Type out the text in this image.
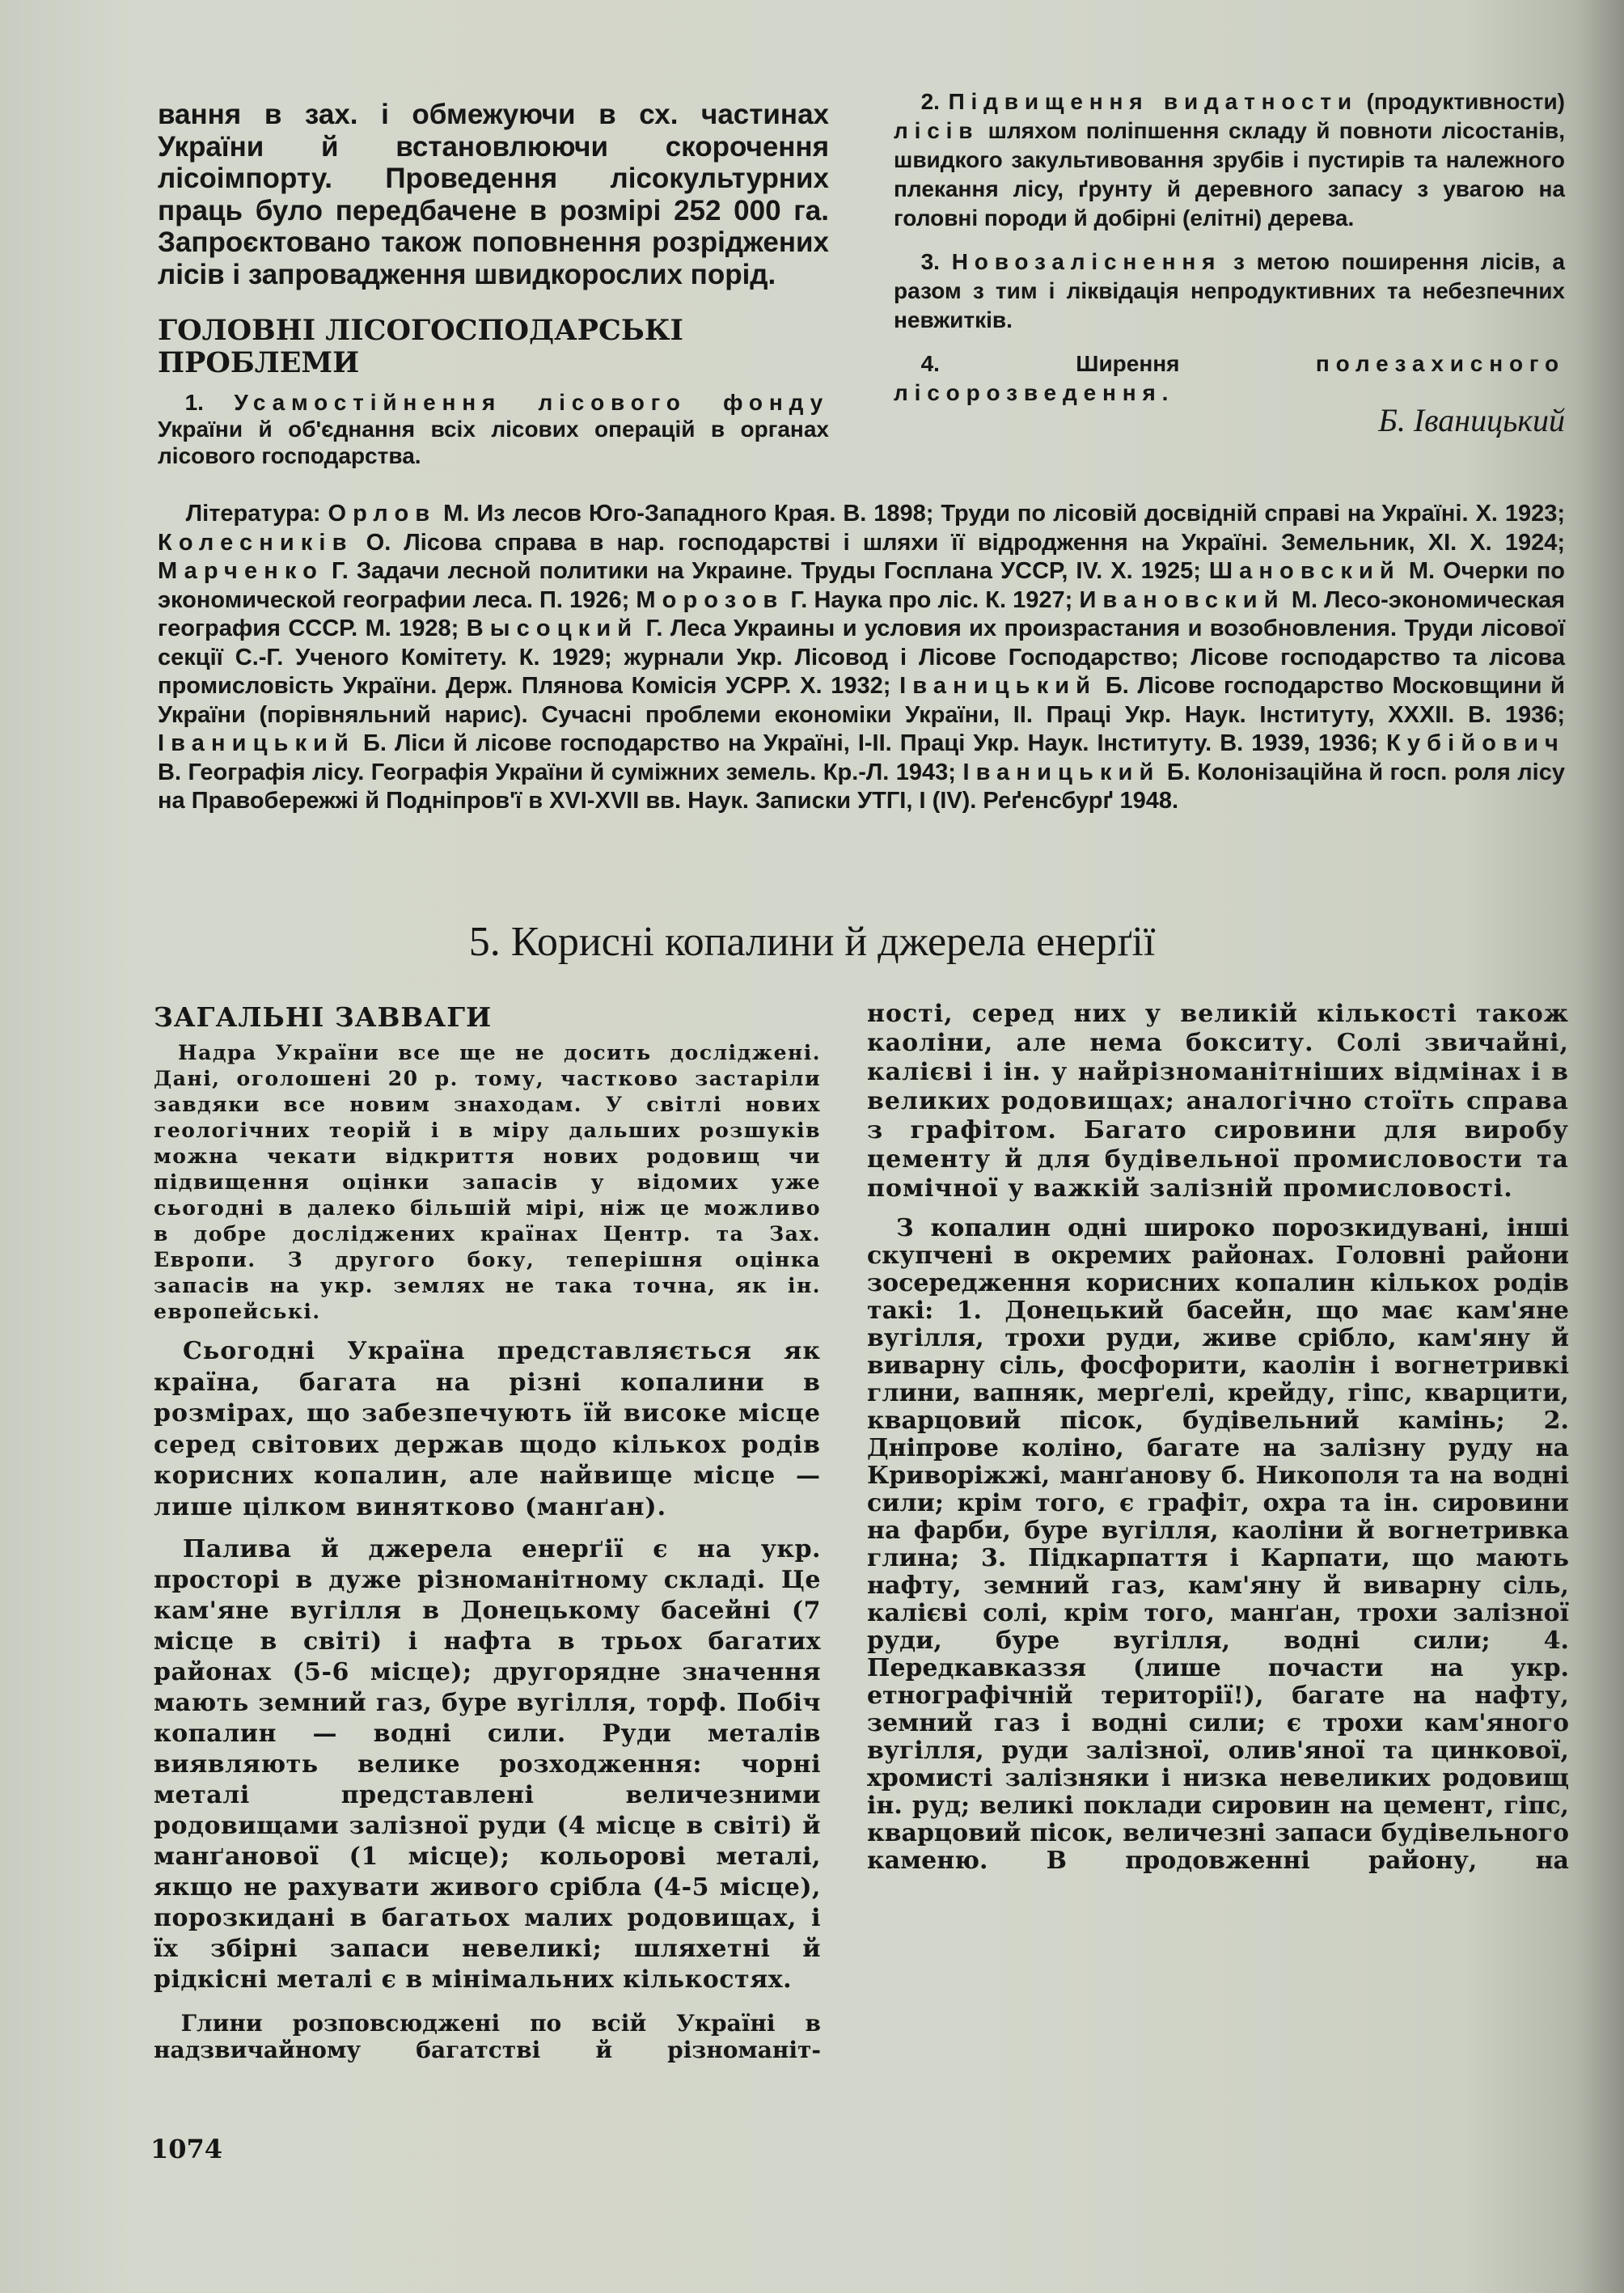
вання в зах. і обмежуючи в сх. частинах України й встановлюючи скорочення лісоімпорту. Проведення лісокультурних праць було передбачене в розмірі 252 000 га. Запроєктовано також поповнення розріджених лісів і запровадження швидкорослих порід.

ГОЛОВНІ ЛІСОГОСПОДАРСЬКІ ПРОБЛЕМИ

1. Усамостійнення лісового фонду України й об'єднання всіх лісових операцій в органах лісового господарства.

2. Підвищення видатности (продуктивности) лісів шляхом поліпшення складу й повноти лісостанів, швидкого закультивовання зрубів і пустирів та належного плекання лісу, ґрунту й деревного запасу з увагою на головні породи й добірні (елітні) дерева.

3. Новозаліснення з метою поширення лісів, а разом з тим і ліквідація непродуктивних та небезпечних невжитків.

4. Ширення полезахисного лісорозведення.

Б. Іваницький

Література: Орлов М. Из лесов Юго-Западного Края. В. 1898; Труди по лісовій досвідній справі на Україні. Х. 1923; Колесників О. Лісова справа в нар. господарстві і шляхи її відродження на Україні. Земельник, XI. Х. 1924; Марченко Г. Задачи лесной политики на Украине. Труды Госплана УССР, IV. Х. 1925; Шановский М. Очерки по экономической географии леса. П. 1926; Морозов Г. Наука про ліс. К. 1927; Ивановский М. Лесо-экономическая география СССР. М. 1928; Высоцкий Г. Леса Украины и условия их произрастания и возобновления. Труди лісової секції С.-Г. Ученого Комітету. К. 1929; журнали Укр. Лісовод і Лісове Господарство; Лісове господарство та лісова промисловість України. Держ. Плянова Комісія УСРР. Х. 1932; Іваницький Б. Лісове господарство Московщини й України (порівняльний нарис). Сучасні проблеми економіки України, II. Праці Укр. Наук. Інституту, XXXII. В. 1936; Іваницький Б. Ліси й лісове господарство на Україні, I-II. Праці Укр. Наук. Інституту. В. 1939, 1936; Кубійович В. Географія лісу. Географія України й суміжних земель. Кр.-Л. 1943; Іваницький Б. Колонізаційна й госп. роля лісу на Правобережжі й Подніпров'ї в XVI-XVII вв. Наук. Записки УТГІ, I (IV). Реґенсбурґ 1948.

5. Корисні копалини й джерела енерґії
ЗАГАЛЬНІ ЗАВВАГИ

Надра України все ще не досить досліджені. Дані, оголошені 20 р. тому, частково застаріли завдяки все новим знаходам. У світлі нових геологічних теорій і в міру дальших розшуків можна чекати відкриття нових родовищ чи підвищення оцінки запасів у відомих уже сьогодні в далеко більшій мірі, ніж це можливо в добре досліджених країнах Центр. та Зах. Европи. З другого боку, теперішня оцінка запасів на укр. землях не така точна, як ін. европейські.

Сьогодні Україна представляється як країна, багата на різні копалини в розмірах, що забезпечують їй високе місце серед світових держав щодо кількох родів корисних копалин, але найвище місце — лише цілком винятково (манґан).

Палива й джерела енерґії є на укр. просторі в дуже різноманітному складі. Це кам'яне вугілля в Донецькому басейні (7 місце в світі) і нафта в трьох багатих районах (5-6 місце); другорядне значення мають земний газ, буре вугілля, торф. Побіч копалин — водні сили. Руди металів виявляють велике розходження: чорні металі представлені величезними родовищами залізної руди (4 місце в світі) й манґанової (1 місце); кольорові металі, якщо не рахувати живого срібла (4-5 місце), порозкидані в багатьох малих родовищах, і їх збірні запаси невеликі; шляхетні й рідкісні металі є в мінімальних кількостях.

Глини розповсюджені по всій Україні в надзвичайному багатстві й різноманіт-

ності, серед них у великій кількості також каоліни, але нема бокситу. Солі звичайні, калієві і ін. у найрізноманітніших відмінах і в великих родовищах; аналогічно стоїть справа з графітом. Багато сировини для виробу цементу й для будівельної промисловости та помічної у важкій залізній промисловості.

З копалин одні широко порозкидувані, інші скупчені в окремих районах. Головні райони зосередження корисних копалин кількох родів такі: 1. Донецький басейн, що має кам'яне вугілля, трохи руди, живе срібло, кам'яну й виварну сіль, фосфорити, каолін і вогнетривкі глини, вапняк, мерґелі, крейду, гіпс, кварцити, кварцовий пісок, будівельний камінь; 2. Дніпрове коліно, багате на залізну руду на Криворіжжі, манґанову б. Никополя та на водні сили; крім того, є графіт, охра та ін. сировини на фарби, буре вугілля, каоліни й вогнетривка глина; 3. Підкарпаття і Карпати, що мають нафту, земний газ, кам'яну й виварну сіль, калієві солі, крім того, манґан, трохи залізної руди, буре вугілля, водні сили; 4. Передкавказзя (лише почасти на укр. етнографічній території!), багате на нафту, земний газ і водні сили; є трохи кам'яного вугілля, руди залізної, олив'яної та цинкової, хромисті залізняки і низка невеликих родовищ ін. руд; великі поклади сировин на цемент, гіпс, кварцовий пісок, величезні запаси будівельного каменю. В продовженні району, на

1074
